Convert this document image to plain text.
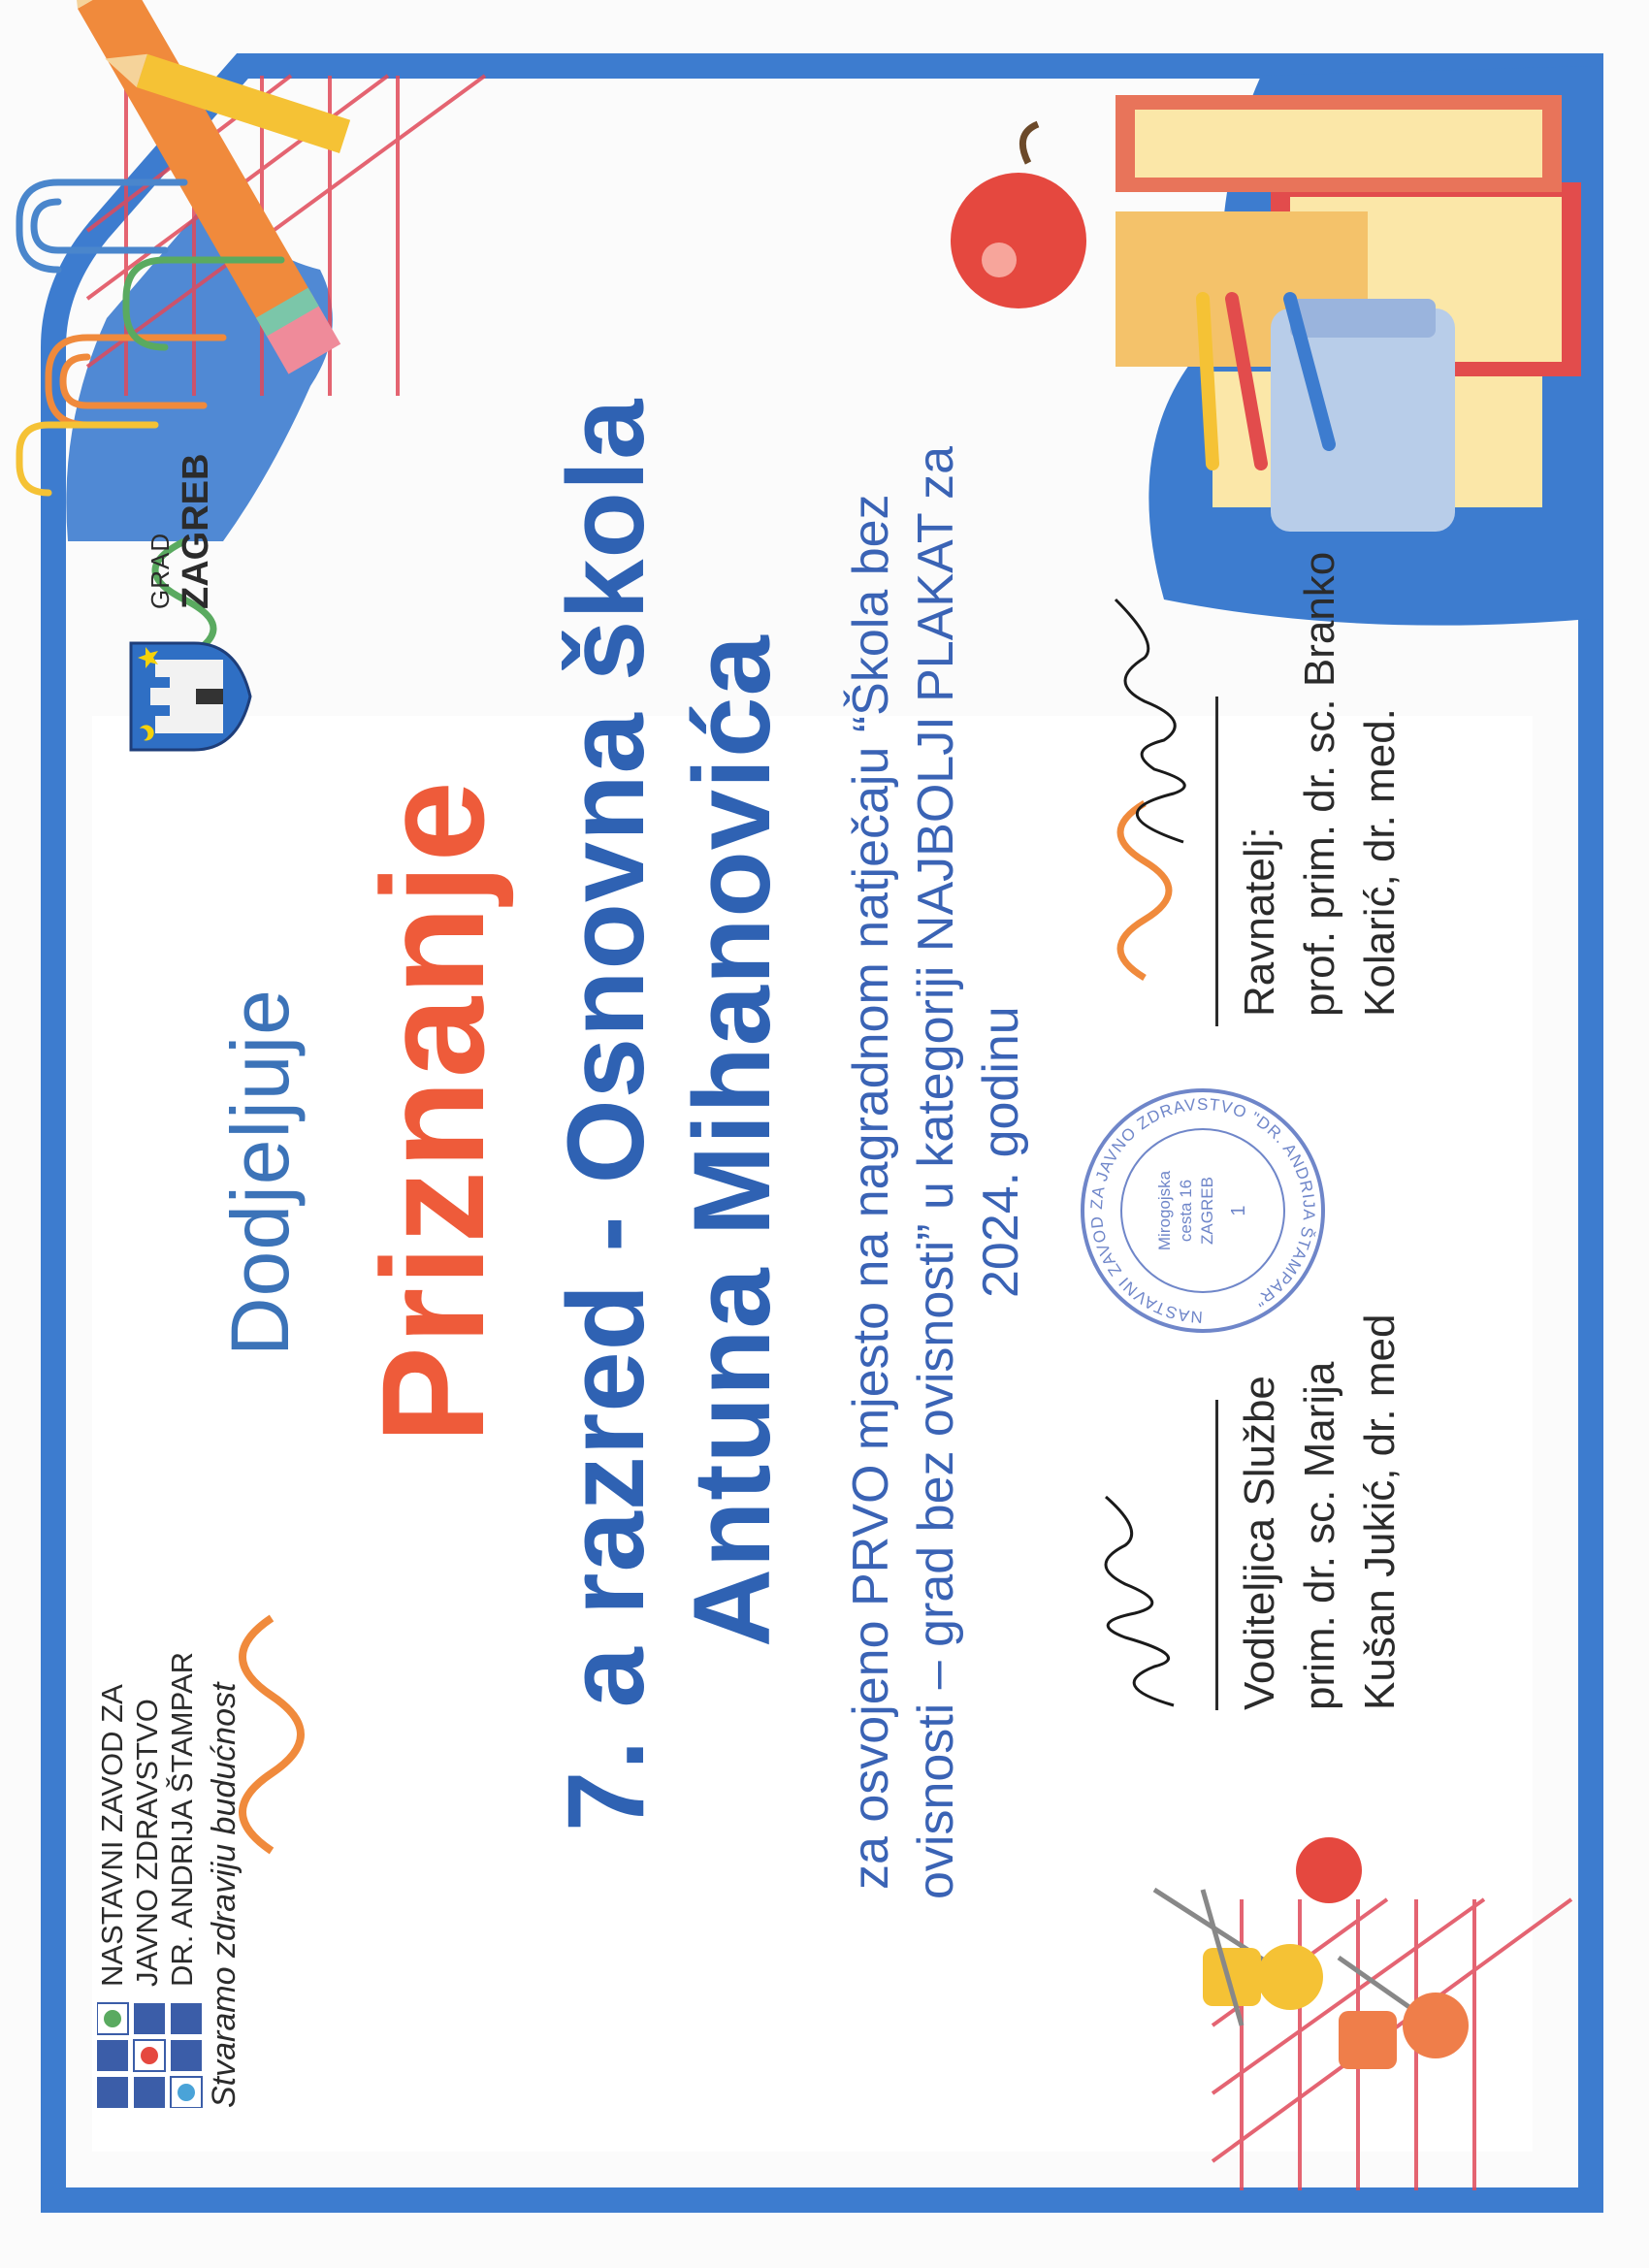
NASTAVNI ZAVOD ZA JAVNO ZDRAVSTVO DR. ANDRIJA ŠTAMPAR Stvaramo zdraviju budućnost
GRAD ZAGREB
Dodjeljuje Priznanje 7. a razred - Osnovna škola Antuna Mihanovića za osvojeno PRVO mjesto na nagradnom natječaju “Škola bez ovisnosti – grad bez ovisnosti” u kategoriji NAJBOLJI PLAKAT za 2024. godinu
Voditeljica Službe prim. dr. sc. Marija Kušan Jukić, dr. med
Ravnatelj: prof. prim. dr. sc. Branko Kolarić, dr. med.
NASTAVNI ZAVOD ZA JAVNO ZDRAVSTVO "DR. ANDRIJA ŠTAMPAR"
Mirogojska cesta 16 ZAGREB 1
